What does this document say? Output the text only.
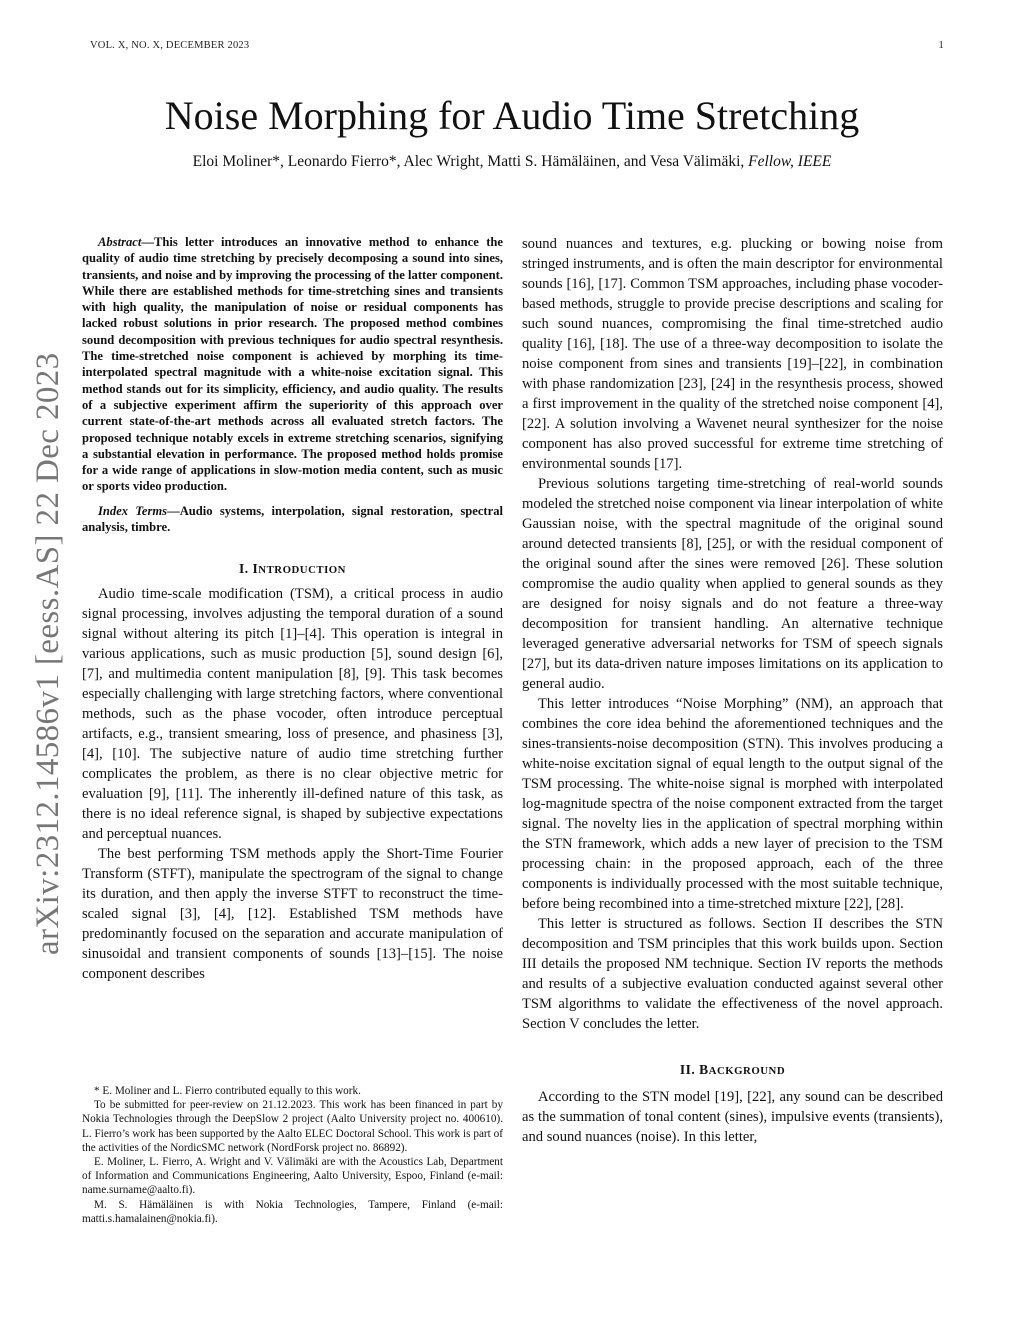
VOL. X, NO. X, DECEMBER 2023	1
Noise Morphing for Audio Time Stretching
Eloi Moliner*, Leonardo Fierro*, Alec Wright, Matti S. Hämäläinen, and Vesa Välimäki, Fellow, IEEE
arXiv:2312.14586v1 [eess.AS] 22 Dec 2023

Abstract—This letter introduces an innovative method to enhance the quality of audio time stretching by precisely decomposing a sound into sines, transients, and noise and by improving the processing of the latter component. While there are established methods for time-stretching sines and transients with high quality, the manipulation of noise or residual components has lacked robust solutions in prior research. The proposed method combines sound decomposition with previous techniques for audio spectral resynthesis. The time-stretched noise component is achieved by morphing its time-interpolated spectral magnitude with a white-noise excitation signal. This method stands out for its simplicity, efficiency, and audio quality. The results of a subjective experiment affirm the superiority of this approach over current state-of-the-art methods across all evaluated stretch factors. The proposed technique notably excels in extreme stretching scenarios, signifying a substantial elevation in performance. The proposed method holds promise for a wide range of applications in slow-motion media content, such as music or sports video production.

Index Terms—Audio systems, interpolation, signal restoration, spectral analysis, timbre.

I. INTRODUCTION

Audio time-scale modification (TSM), a critical process in audio signal processing, involves adjusting the temporal duration of a sound signal without altering its pitch [1]–[4]. This operation is integral in various applications, such as music production [5], sound design [6], [7], and multimedia content manipulation [8], [9]. This task becomes especially challenging with large stretching factors, where conventional methods, such as the phase vocoder, often introduce perceptual artifacts, e.g., transient smearing, loss of presence, and phasiness [3], [4], [10]. The subjective nature of audio time stretching further complicates the problem, as there is no clear objective metric for evaluation [9], [11]. The inherently ill-defined nature of this task, as there is no ideal reference signal, is shaped by subjective expectations and perceptual nuances.

The best performing TSM methods apply the Short-Time Fourier Transform (STFT), manipulate the spectrogram of the signal to change its duration, and then apply the inverse STFT to reconstruct the time-scaled signal [3], [4], [12]. Established TSM methods have predominantly focused on the separation and accurate manipulation of sinusoidal and transient components of sounds [13]–[15]. The noise component describes

* E. Moliner and L. Fierro contributed equally to this work.

To be submitted for peer-review on 21.12.2023. This work has been financed in part by Nokia Technologies through the DeepSlow 2 project (Aalto University project no. 400610). L. Fierro’s work has been supported by the Aalto ELEC Doctoral School. This work is part of the activities of the NordicSMC network (NordForsk project no. 86892).

E. Moliner, L. Fierro, A. Wright and V. Välimäki are with the Acoustics Lab, Department of Information and Communications Engineering, Aalto University, Espoo, Finland (e-mail: name.surname@aalto.fi).

M. S. Hämäläinen is with Nokia Technologies, Tampere, Finland (e-mail: matti.s.hamalainen@nokia.fi).

sound nuances and textures, e.g. plucking or bowing noise from stringed instruments, and is often the main descriptor for environmental sounds [16], [17]. Common TSM approaches, including phase vocoder-based methods, struggle to provide precise descriptions and scaling for such sound nuances, compromising the final time-stretched audio quality [16], [18]. The use of a three-way decomposition to isolate the noise component from sines and transients [19]–[22], in combination with phase randomization [23], [24] in the resynthesis process, showed a first improvement in the quality of the stretched noise component [4], [22]. A solution involving a Wavenet neural synthesizer for the noise component has also proved successful for extreme time stretching of environmental sounds [17].

Previous solutions targeting time-stretching of real-world sounds modeled the stretched noise component via linear interpolation of white Gaussian noise, with the spectral magnitude of the original sound around detected transients [8], [25], or with the residual component of the original sound after the sines were removed [26]. These solution compromise the audio quality when applied to general sounds as they are designed for noisy signals and do not feature a three-way decomposition for transient handling. An alternative technique leveraged generative adversarial networks for TSM of speech signals [27], but its data-driven nature imposes limitations on its application to general audio.

This letter introduces “Noise Morphing” (NM), an approach that combines the core idea behind the aforementioned techniques and the sines-transients-noise decomposition (STN). This involves producing a white-noise excitation signal of equal length to the output signal of the TSM processing. The white-noise signal is morphed with interpolated log-magnitude spectra of the noise component extracted from the target signal. The novelty lies in the application of spectral morphing within the STN framework, which adds a new layer of precision to the TSM processing chain: in the proposed approach, each of the three components is individually processed with the most suitable technique, before being recombined into a time-stretched mixture [22], [28].

This letter is structured as follows. Section II describes the STN decomposition and TSM principles that this work builds upon. Section III details the proposed NM technique. Section IV reports the methods and results of a subjective evaluation conducted against several other TSM algorithms to validate the effectiveness of the novel approach. Section V concludes the letter.

II. BACKGROUND

According to the STN model [19], [22], any sound can be described as the summation of tonal content (sines), impulsive events (transients), and sound nuances (noise). In this letter,
